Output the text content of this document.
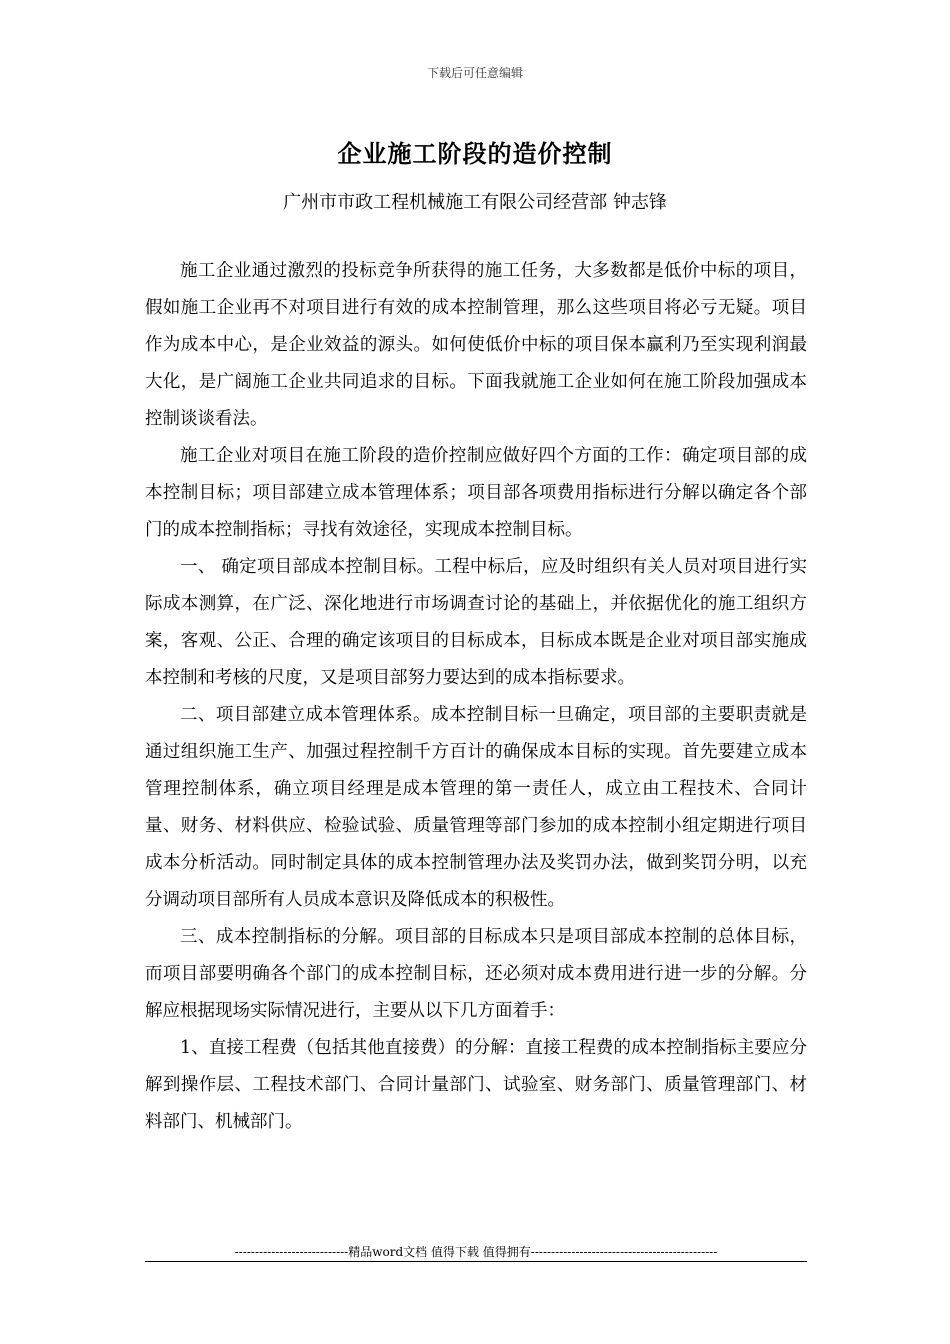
下载后可任意编辑
企业施工阶段的造价控制
广州市市政工程机械施工有限公司经营部 钟志锋

施工企业通过激烈的投标竞争所获得的施工任务，大多数都是低价中标的项目，假如施工企业再不对项目进行有效的成本控制管理，那么这些项目将必亏无疑。项目作为成本中心，是企业效益的源头。如何使低价中标的项目保本赢利乃至实现利润最大化，是广阔施工企业共同追求的目标。下面我就施工企业如何在施工阶段加强成本控制谈谈看法。

施工企业对项目在施工阶段的造价控制应做好四个方面的工作：确定项目部的成本控制目标；项目部建立成本管理体系；项目部各项费用指标进行分解以确定各个部门的成本控制指标；寻找有效途径，实现成本控制目标。

一、 确定项目部成本控制目标。工程中标后，应及时组织有关人员对项目进行实际成本测算，在广泛、深化地进行市场调查讨论的基础上，并依据优化的施工组织方案，客观、公正、合理的确定该项目的目标成本，目标成本既是企业对项目部实施成本控制和考核的尺度，又是项目部努力要达到的成本指标要求。

二、项目部建立成本管理体系。成本控制目标一旦确定，项目部的主要职责就是通过组织施工生产、加强过程控制千方百计的确保成本目标的实现。首先要建立成本管理控制体系，确立项目经理是成本管理的第一责任人，成立由工程技术、合同计量、财务、材料供应、检验试验、质量管理等部门参加的成本控制小组定期进行项目成本分析活动。同时制定具体的成本控制管理办法及奖罚办法，做到奖罚分明，以充分调动项目部所有人员成本意识及降低成本的积极性。

三、成本控制指标的分解。项目部的目标成本只是项目部成本控制的总体目标，而项目部要明确各个部门的成本控制目标，还必须对成本费用进行进一步的分解。分解应根据现场实际情况进行，主要从以下几方面着手：

1、直接工程费（包括其他直接费）的分解：直接工程费的成本控制指标主要应分解到操作层、工程技术部门、合同计量部门、试验室、财务部门、质量管理部门、材料部门、机械部门。

----------------------------精品word文档 值得下载 值得拥有----------------------------------------------
